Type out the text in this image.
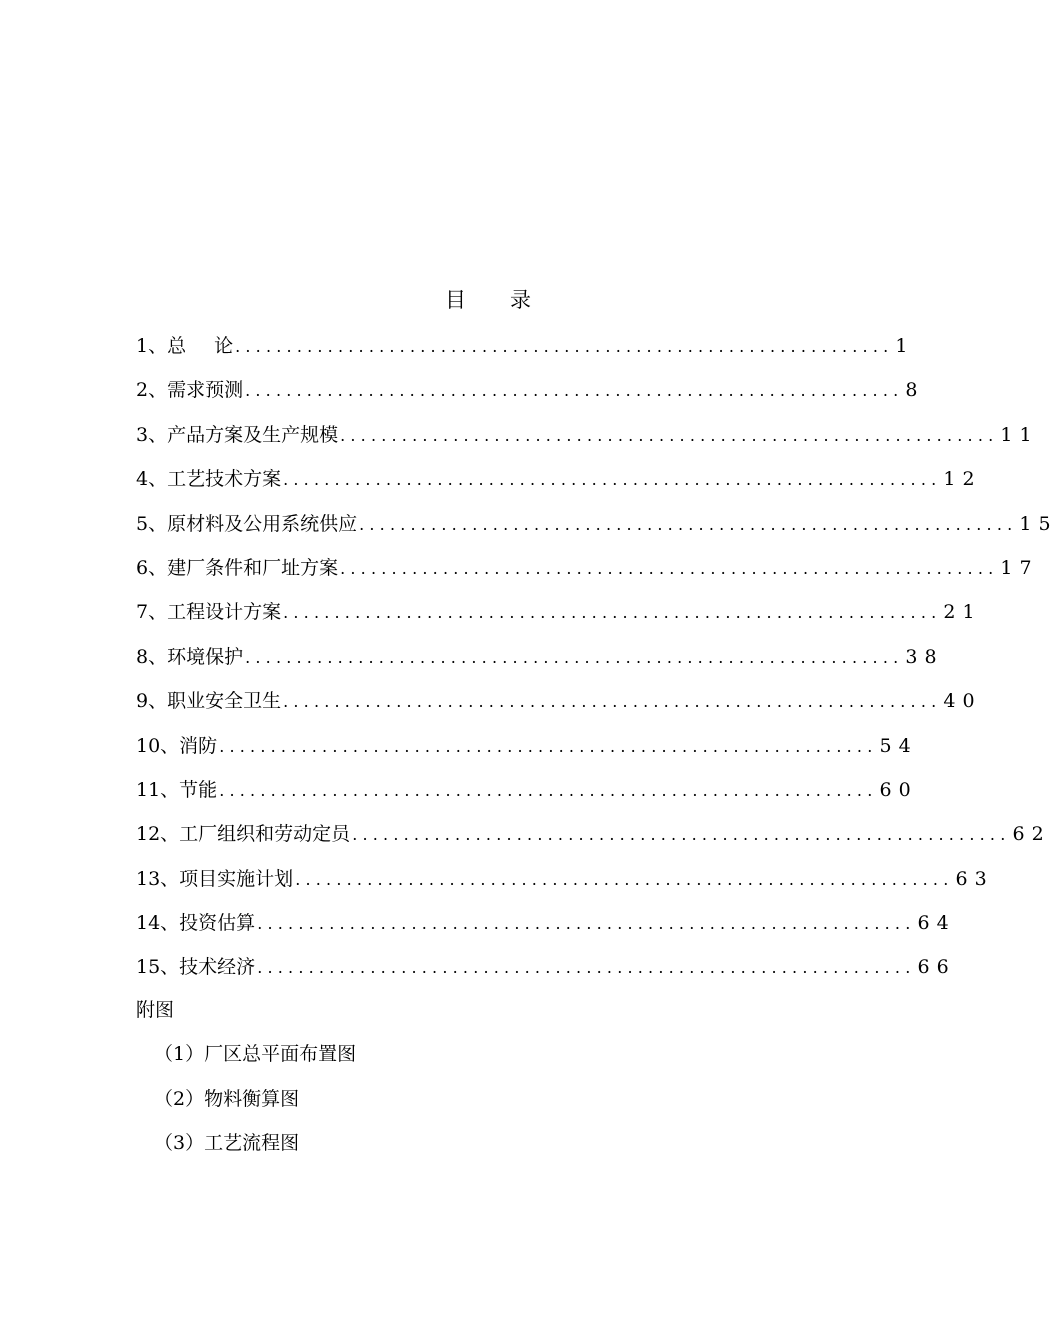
目 录
1、总 论 ................................................................ 1
2、需求预测 ................................................................ 8
3、产品方案及生产规模 ................................................................ 11
4、工艺技术方案 ................................................................ 12
5、原材料及公用系统供应 ................................................................ 15
6、建厂条件和厂址方案 ................................................................ 17
7、工程设计方案 ................................................................ 21
8、环境保护 ................................................................ 38
9、职业安全卫生 ................................................................ 40
10、消防 ................................................................ 54
11、节能 ................................................................ 60
12、工厂组织和劳动定员 ................................................................ 62
13、项目实施计划 ................................................................ 63
14、投资估算 ................................................................ 64
15、技术经济 ................................................................ 66
附图
（1）厂区总平面布置图
（2）物料衡算图
（3）工艺流程图
